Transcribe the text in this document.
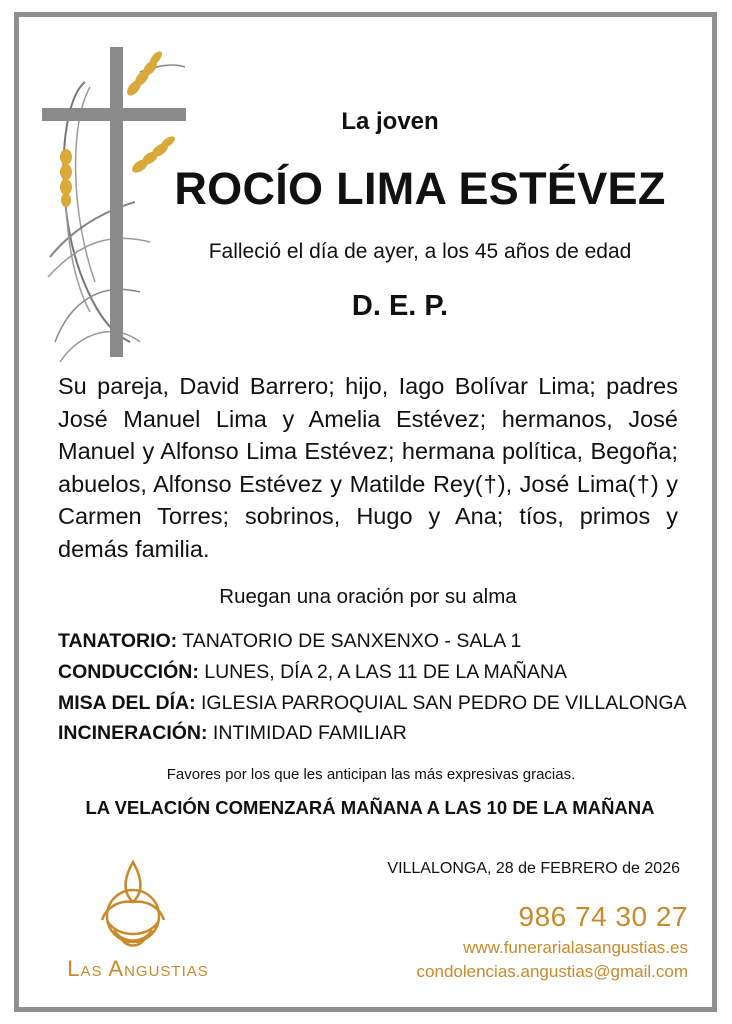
La joven
ROCÍO LIMA ESTÉVEZ
Falleció el día de ayer, a los 45 años de edad
D. E. P.
Su pareja, David Barrero; hijo, Iago Bolívar Lima; padres José Manuel Lima y Amelia Estévez; hermanos, José Manuel y Alfonso Lima Estévez; hermana política, Begoña; abuelos, Alfonso Estévez y Matilde Rey(†), José Lima(†) y Carmen Torres; sobrinos, Hugo y Ana; tíos, primos y demás familia.
Ruegan una oración por su alma
TANATORIO: TANATORIO DE SANXENXO - SALA 1
CONDUCCIÓN: LUNES, DÍA 2, A LAS 11 DE LA MAÑANA
MISA DEL DÍA: IGLESIA PARROQUIAL SAN PEDRO DE VILLALONGA
INCINERACIÓN: INTIMIDAD FAMILIAR
Favores por los que les anticipan las más expresivas gracias.
LA VELACIÓN COMENZARÁ MAÑANA A LAS 10 DE LA MAÑANA
VILLALONGA, 28 de FEBRERO de 2026
Las Angustias
986 74 30 27
www.funerarialasangustias.es
condolencias.angustias@gmail.com
